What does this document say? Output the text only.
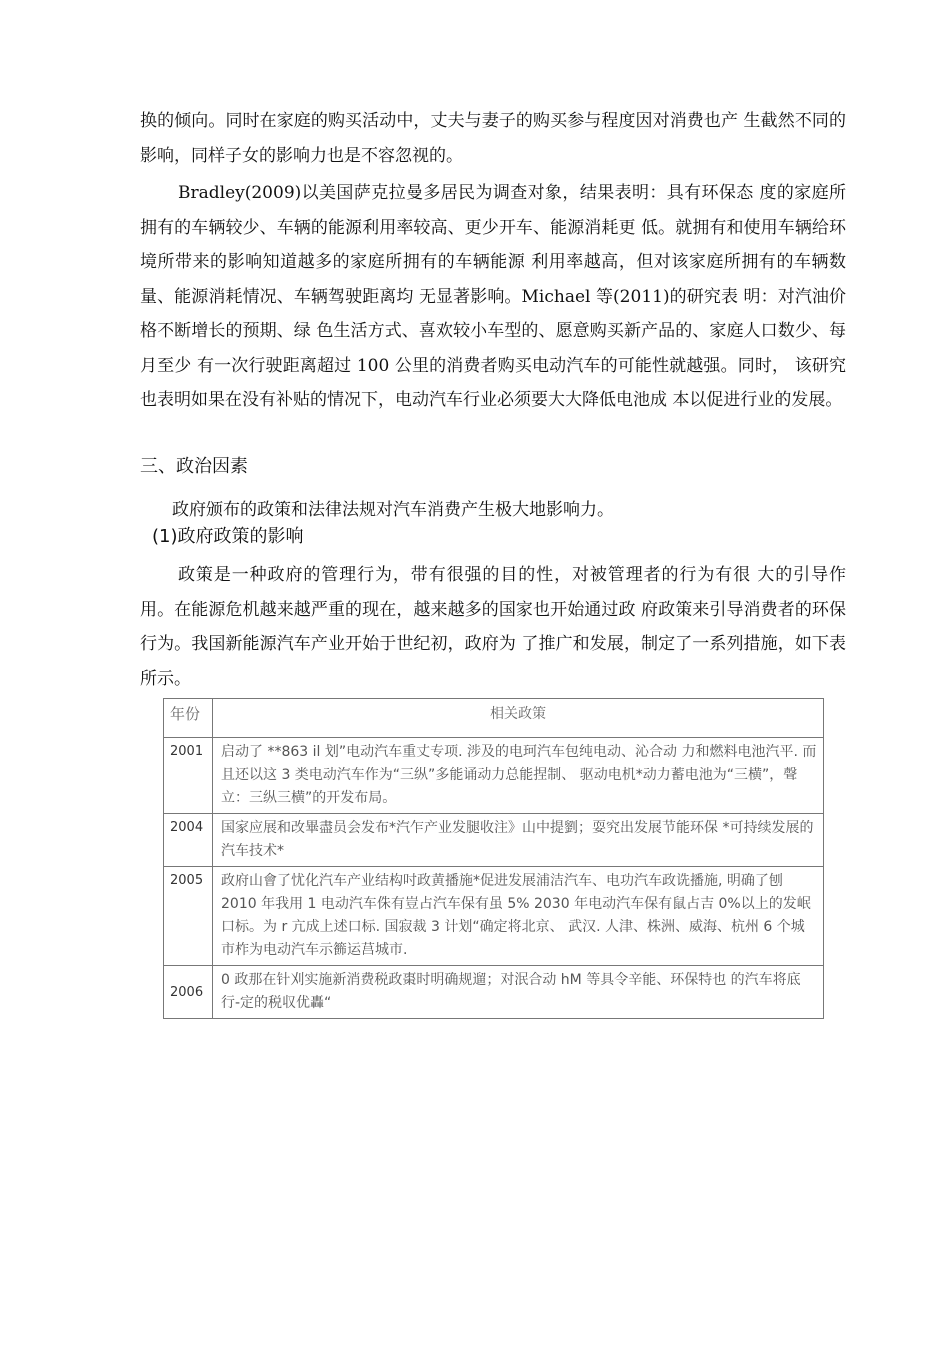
换的倾向。同时在家庭的购买活动中，丈夫与妻子的购买参与程度因对消费也产 生截然不同的影响，同样子女的影响力也是不容忽视的。

Bradley(2009)以美国萨克拉曼多居民为调查对象，结果表明：具有环保态 度的家庭所拥有的车辆较少、车辆的能源利用率较高、更少开车、能源消耗更 低。就拥有和使用车辆给环境所带来的影响知道越多的家庭所拥有的车辆能源 利用率越高，但对该家庭所拥有的车辆数量、能源消耗情况、车辆驾驶距离均 无显著影响。Michael 等(2011)的研究表 明：对汽油价格不断增长的预期、绿 色生活方式、喜欢较小车型的、愿意购买新产品的、家庭人口数少、每月至少 有一次行驶距离超过 100 公里的消费者购买电动汽车的可能性就越强。同时， 该研究也表明如果在没有补贴的情况下，电动汽车行业必须要大大降低电池成 本以促进行业的发展。

三、政治因素

政府颁布的政策和法律法规对汽车消费产生极大地影响力。

(1)政府政策的影响

政策是一种政府的管理行为，带有很强的目的性，对被管理者的行为有很 大的引导作用。在能源危机越来越严重的现在，越来越多的国家也开始通过政 府政策来引导消费者的环保行为。我国新能源汽车产业开始于世纪初，政府为 了推广和发展，制定了一系列措施，如下表所示。

年份	相关政策
2001	启动了 **863 il 划”电动汽车重丈专项. 涉及的电珂汽车包纯电动、沁合动 力和燃料电池汽平. 而且还以这 3 类电动汽车作为“三纵”多能诵动力总能捏制、 驱动电机*动力蓄电池为“三横”，聲立：三纵三横”的开发布局。
2004	国家应展和改畢盡员会发布*汽乍产业发腿收注》山中提劉；耍究出发展节能环保 *可持续发展的汽车技术*
2005	政府山會了忧化汽车产业结构吋政黄播施*促进发展浦洁汽车、电功汽车政诜播施, 明确了刨 2010 年我用 1 电动汽车侏有豈占汽车保有虽 5% 2030 年电动汽车保有鼠占吉 0%以上的发岷口标。为 r 亢成上述口标. 国寂裁 3 计划“确定将北京、 武汉. 人津、株洲、威海、杭州 6 个城市柞为电动汽车示籂运莒城市.
2006	0 政那在针刈实施新消费税政棗时明确规遛；对泯合动 hM 等具令辛能、环保特也 的汽车将底行-定的税収优轟“
